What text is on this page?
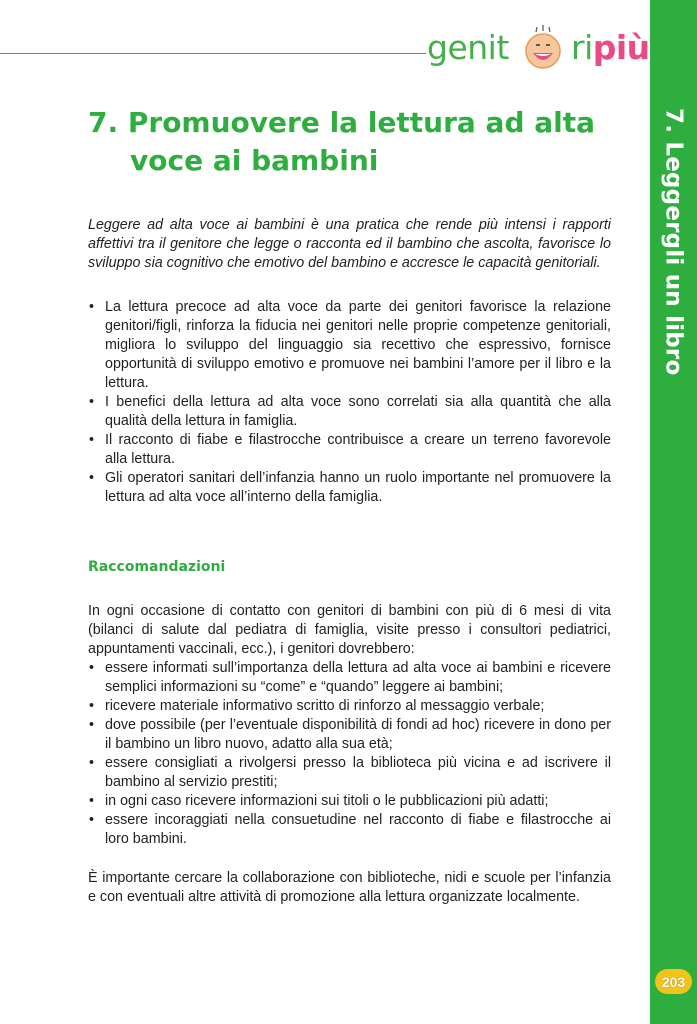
genit ripiù
7. Leggergli un libro
203
7. Promuovere la lettura ad alta
voce ai bambini

Leggere ad alta voce ai bambini è una pratica che rende più intensi i rapporti affettivi tra il genitore che legge o racconta ed il bambino che ascolta, favorisce lo sviluppo sia cognitivo che emotivo del bambino e accresce le capacità genitoriali.

• La lettura precoce ad alta voce da parte dei genitori favorisce la relazione genitori/figli, rinforza la fiducia nei genitori nelle proprie competenze genitoriali, migliora lo sviluppo del linguaggio sia recettivo che espressivo, fornisce opportunità di sviluppo emotivo e promuove nei bambini l’amore per il libro e la lettura.
• I benefici della lettura ad alta voce sono correlati sia alla quantità che alla qualità della lettura in famiglia.
• Il racconto di fiabe e filastrocche contribuisce a creare un terreno favorevole alla lettura.
• Gli operatori sanitari dell’infanzia hanno un ruolo importante nel promuovere la lettura ad alta voce all’interno della famiglia.
Raccomandazioni

In ogni occasione di contatto con genitori di bambini con più di 6 mesi di vita (bilanci di salute dal pediatra di famiglia, visite presso i consultori pediatrici, appuntamenti vaccinali, ecc.), i genitori dovrebbero:

• essere informati sull’importanza della lettura ad alta voce ai bambini e ricevere semplici informazioni su “come” e “quando” leggere ai bambini;
• ricevere materiale informativo scritto di rinforzo al messaggio verbale;
• dove possibile (per l’eventuale disponibilità di fondi ad hoc) ricevere in dono per il bambino un libro nuovo, adatto alla sua età;
• essere consigliati a rivolgersi presso la biblioteca più vicina e ad iscrivere il bambino al servizio prestiti;
• in ogni caso ricevere informazioni sui titoli o le pubblicazioni più adatti;
• essere incoraggiati nella consuetudine nel racconto di fiabe e filastrocche ai loro bambini.

È importante cercare la collaborazione con biblioteche, nidi e scuole per l’infanzia e con eventuali altre attività di promozione alla lettura organizzate localmente.
